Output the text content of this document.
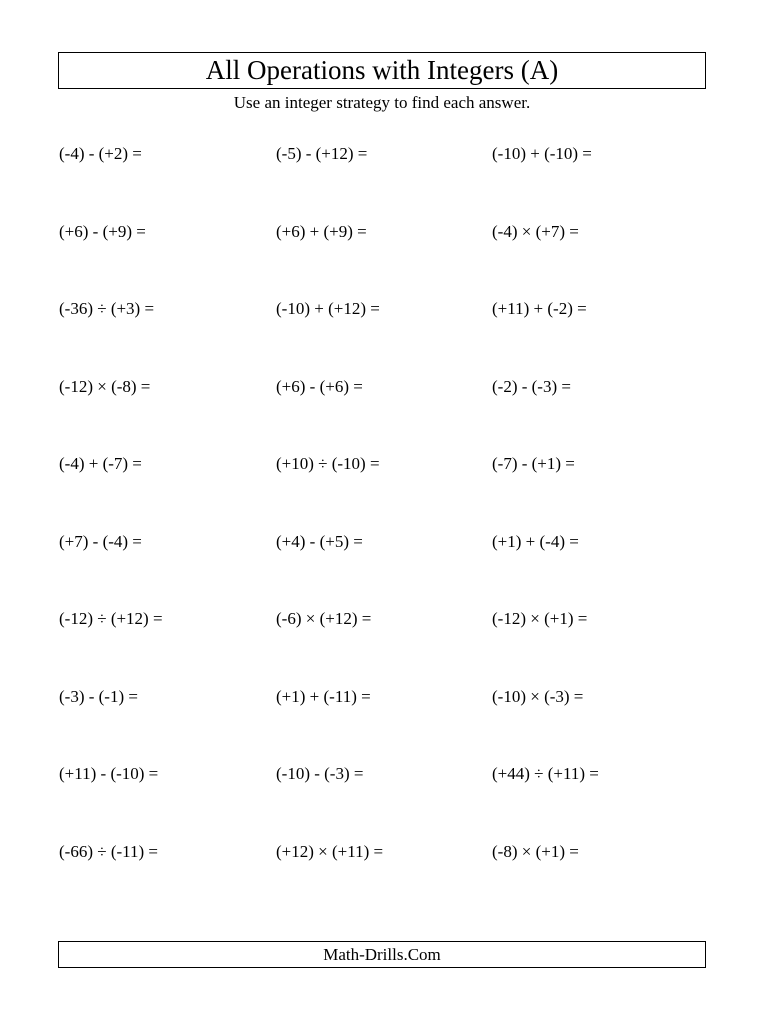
All Operations with Integers (A)
Use an integer strategy to find each answer.
(-4) - (+2) =	(-5) - (+12) =	(-10) + (-10) =
(+6) - (+9) =	(+6) + (+9) =	(-4) × (+7) =
(-36) ÷ (+3) =	(-10) + (+12) =	(+11) + (-2) =
(-12) × (-8) =	(+6) - (+6) =	(-2) - (-3) =
(-4) + (-7) =	(+10) ÷ (-10) =	(-7) - (+1) =
(+7) - (-4) =	(+4) - (+5) =	(+1) + (-4) =
(-12) ÷ (+12) =	(-6) × (+12) =	(-12) × (+1) =
(-3) - (-1) =	(+1) + (-11) =	(-10) × (-3) =
(+11) - (-10) =	(-10) - (-3) =	(+44) ÷ (+11) =
(-66) ÷ (-11) =	(+12) × (+11) =	(-8) × (+1) =
Math-Drills.Com
